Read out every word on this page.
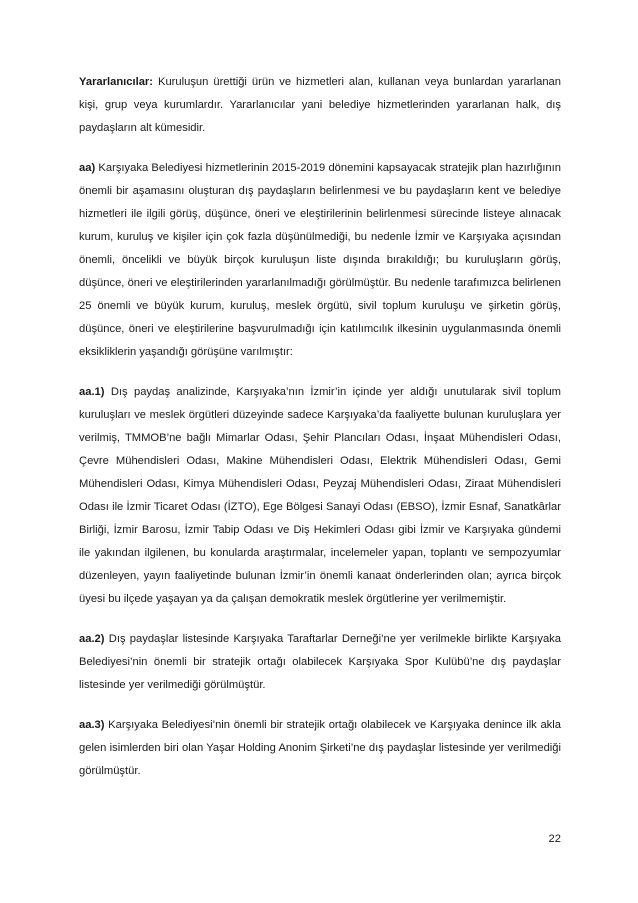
Yararlanıcılar: Kuruluşun ürettiği ürün ve hizmetleri alan, kullanan veya bunlardan yararlanan kişi, grup veya kurumlardır. Yararlanıcılar yani belediye hizmetlerinden yararlanan halk, dış paydaşların alt kümesidir.

aa) Karşıyaka Belediyesi hizmetlerinin 2015-2019 dönemini kapsayacak stratejik plan hazırlığının önemli bir aşamasını oluşturan dış paydaşların belirlenmesi ve bu paydaşların kent ve belediye hizmetleri ile ilgili görüş, düşünce, öneri ve eleştirilerinin belirlenmesi sürecinde listeye alınacak kurum, kuruluş ve kişiler için çok fazla düşünülmediği, bu nedenle İzmir ve Karşıyaka açısından önemli, öncelikli ve büyük birçok kuruluşun liste dışında bırakıldığı; bu kuruluşların görüş, düşünce, öneri ve eleştirilerinden yararlanılmadığı görülmüştür. Bu nedenle tarafımızca belirlenen 25 önemli ve büyük kurum, kuruluş, meslek örgütü, sivil toplum kuruluşu ve şirketin görüş, düşünce, öneri ve eleştirilerine başvurulmadığı için katılımcılık ilkesinin uygulanmasında önemli eksikliklerin yaşandığı görüşüne varılmıştır:

aa.1) Dış paydaş analizinde, Karşıyaka’nın İzmir’in içinde yer aldığı unutularak sivil toplum kuruluşları ve meslek örgütleri düzeyinde sadece Karşıyaka’da faaliyette bulunan kuruluşlara yer verilmiş, TMMOB’ne bağlı Mimarlar Odası, Şehir Plancıları Odası, İnşaat Mühendisleri Odası, Çevre Mühendisleri Odası, Makine Mühendisleri Odası, Elektrik Mühendisleri Odası, Gemi Mühendisleri Odası, Kimya Mühendisleri Odası, Peyzaj Mühendisleri Odası, Ziraat Mühendisleri Odası ile İzmir Ticaret Odası (İZTO), Ege Bölgesi Sanayi Odası (EBSO), İzmir Esnaf, Sanatkârlar Birliği, İzmir Barosu, İzmir Tabip Odası ve Diş Hekimleri Odası gibi İzmir ve Karşıyaka gündemi ile yakından ilgilenen, bu konularda araştırmalar, incelemeler yapan, toplantı ve sempozyumlar düzenleyen, yayın faaliyetinde bulunan İzmir’in önemli kanaat önderlerinden olan; ayrıca birçok üyesi bu ilçede yaşayan ya da çalışan demokratik meslek örgütlerine yer verilmemiştir.

aa.2) Dış paydaşlar listesinde Karşıyaka Taraftarlar Derneği’ne yer verilmekle birlikte Karşıyaka Belediyesi’nin önemli bir stratejik ortağı olabilecek Karşıyaka Spor Kulübü’ne dış paydaşlar listesinde yer verilmediği görülmüştür.

aa.3) Karşıyaka Belediyesi’nin önemli bir stratejik ortağı olabilecek ve Karşıyaka denince ilk akla gelen isimlerden biri olan Yaşar Holding Anonim Şirketi’ne dış paydaşlar listesinde yer verilmediği görülmüştür.

22
